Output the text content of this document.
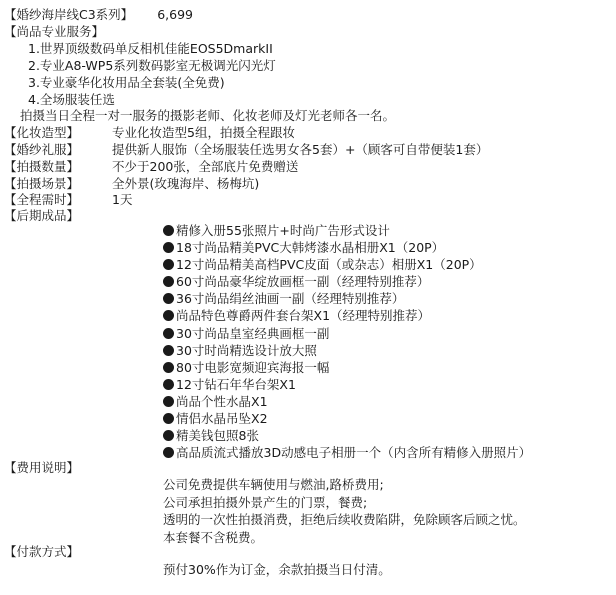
【婚纱海岸线C3系列】 6,699
【尚品专业服务】
1.世界顶级数码单反相机佳能EOS5DmarkII
2.专业A8-WP5系列数码影室无极调光闪光灯
3.专业豪华化妆用品全套装(全免费)
4.全场服装任选
拍摄当日全程一对一服务的摄影老师、化妆老师及灯光老师各一名。
【化妆造型】	专业化妆造型5组，拍摄全程跟妆
【婚纱礼服】	提供新人服饰（全场服装任选男女各5套）+（顾客可自带便装1套）
【拍摄数量】	不少于200张，全部底片免费赠送
【拍摄场景】	全外景(玫瑰海岸、杨梅坑)
【全程需时】	1天
【后期成品】
精修入册55张照片+时尚广告形式设计
18寸尚品精美PVC大韩烤漆水晶相册X1（20P）
12寸尚品精美高档PVC皮面（或杂志）相册X1（20P）
60寸尚品豪华绽放画框一副（经理特别推荐）
36寸尚品绢丝油画一副（经理特别推荐）
尚品特色尊爵两件套台架X1（经理特别推荐）
30寸尚品皇室经典画框一副
30寸时尚精选设计放大照
80寸电影宽频迎宾海报一幅
12寸钻石年华台架X1
尚品个性水晶X1
情侣水晶吊坠X2
精美钱包照8张
高品质流式播放3D动感电子相册一个（内含所有精修入册照片）
【费用说明】
公司免费提供车辆使用与燃油,路桥费用;
公司承担拍摄外景产生的门票，餐费;
透明的一次性拍摄消费，拒绝后续收费陷阱，免除顾客后顾之忧。
本套餐不含税费。
【付款方式】
预付30%作为订金，余款拍摄当日付清。
